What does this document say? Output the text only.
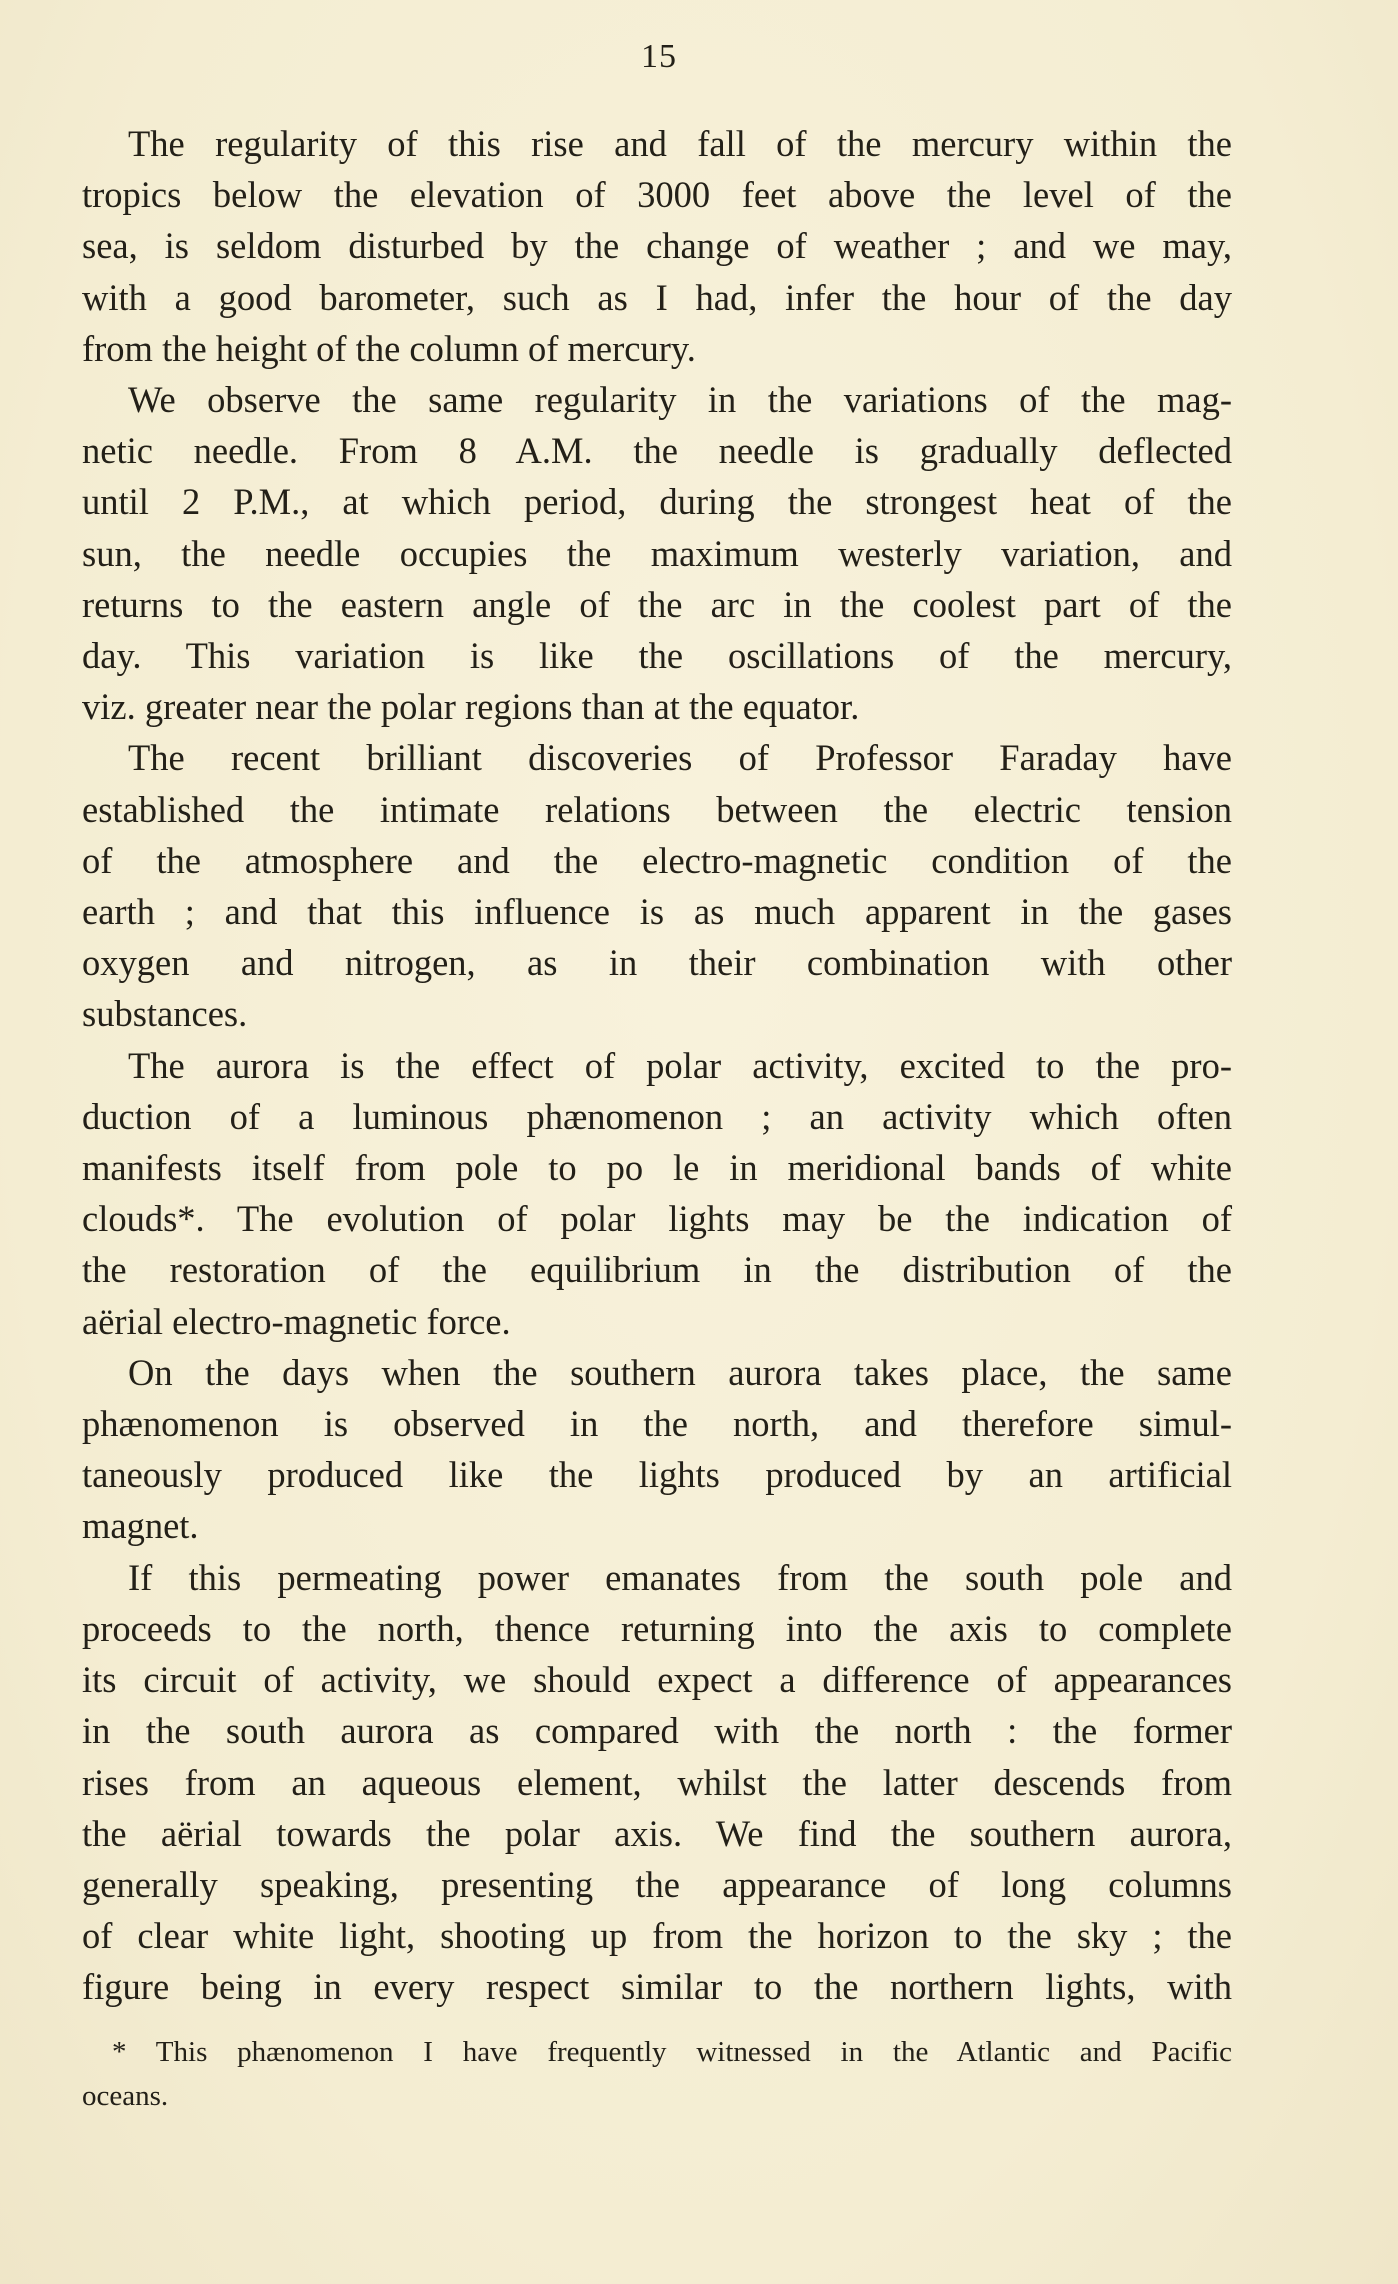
15

The regularity of this rise and fall of the mercury within the
tropics below the elevation of 3000 feet above the level of the
sea, is seldom disturbed by the change of weather ; and we may,
with a good barometer, such as I had, infer the hour of the day
from the height of the column of mercury.

We observe the same regularity in the variations of the mag-
netic needle. From 8 A.M. the needle is gradually deflected
until 2 P.M., at which period, during the strongest heat of the
sun, the needle occupies the maximum westerly variation, and
returns to the eastern angle of the arc in the coolest part of the
day. This variation is like the oscillations of the mercury,
viz. greater near the polar regions than at the equator.

The recent brilliant discoveries of Professor Faraday have
established the intimate relations between the electric tension
of the atmosphere and the electro-magnetic condition of the
earth ; and that this influence is as much apparent in the gases
oxygen and nitrogen, as in their combination with other
substances.

The aurora is the effect of polar activity, excited to the pro-
duction of a luminous phænomenon ; an activity which often
manifests itself from pole to po le in meridional bands of white
clouds*. The evolution of polar lights may be the indication of
the restoration of the equilibrium in the distribution of the
aërial electro-magnetic force.

On the days when the southern aurora takes place, the same
phænomenon is observed in the north, and therefore simul-
taneously produced like the lights produced by an artificial
magnet.

If this permeating power emanates from the south pole and
proceeds to the north, thence returning into the axis to complete
its circuit of activity, we should expect a difference of appearances
in the south aurora as compared with the north : the former
rises from an aqueous element, whilst the latter descends from
the aërial towards the polar axis. We find the southern aurora,
generally speaking, presenting the appearance of long columns
of clear white light, shooting up from the horizon to the sky ; the
figure being in every respect similar to the northern lights, with

* This phænomenon I have frequently witnessed in the Atlantic and Pacific
oceans.
